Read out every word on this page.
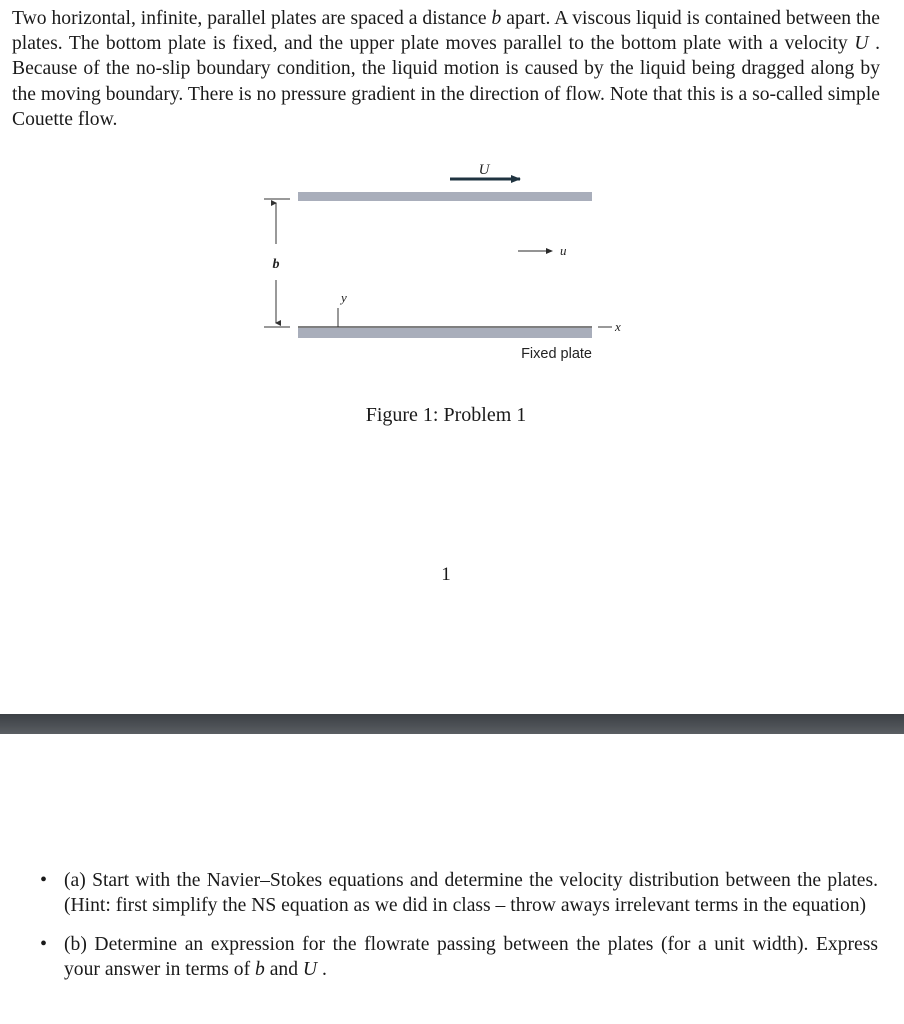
Two horizontal, infinite, parallel plates are spaced a distance b apart. A viscous liquid is contained between the plates. The bottom plate is fixed, and the upper plate moves parallel to the bottom plate with a velocity U . Because of the no-slip boundary condition, the liquid motion is caused by the liquid being dragged along by the moving boundary. There is no pressure gradient in the direction of flow. Note that this is a so-called simple Couette flow.

U
u
b
y
x
Fixed plate
Figure 1: Problem 1
1
• (a) Start with the Navier–Stokes equations and determine the velocity distribution between the plates. (Hint: first simplify the NS equation as we did in class – throw aways irrelevant terms in the equation)
• (b) Determine an expression for the flowrate passing between the plates (for a unit width). Express your answer in terms of b and U .
